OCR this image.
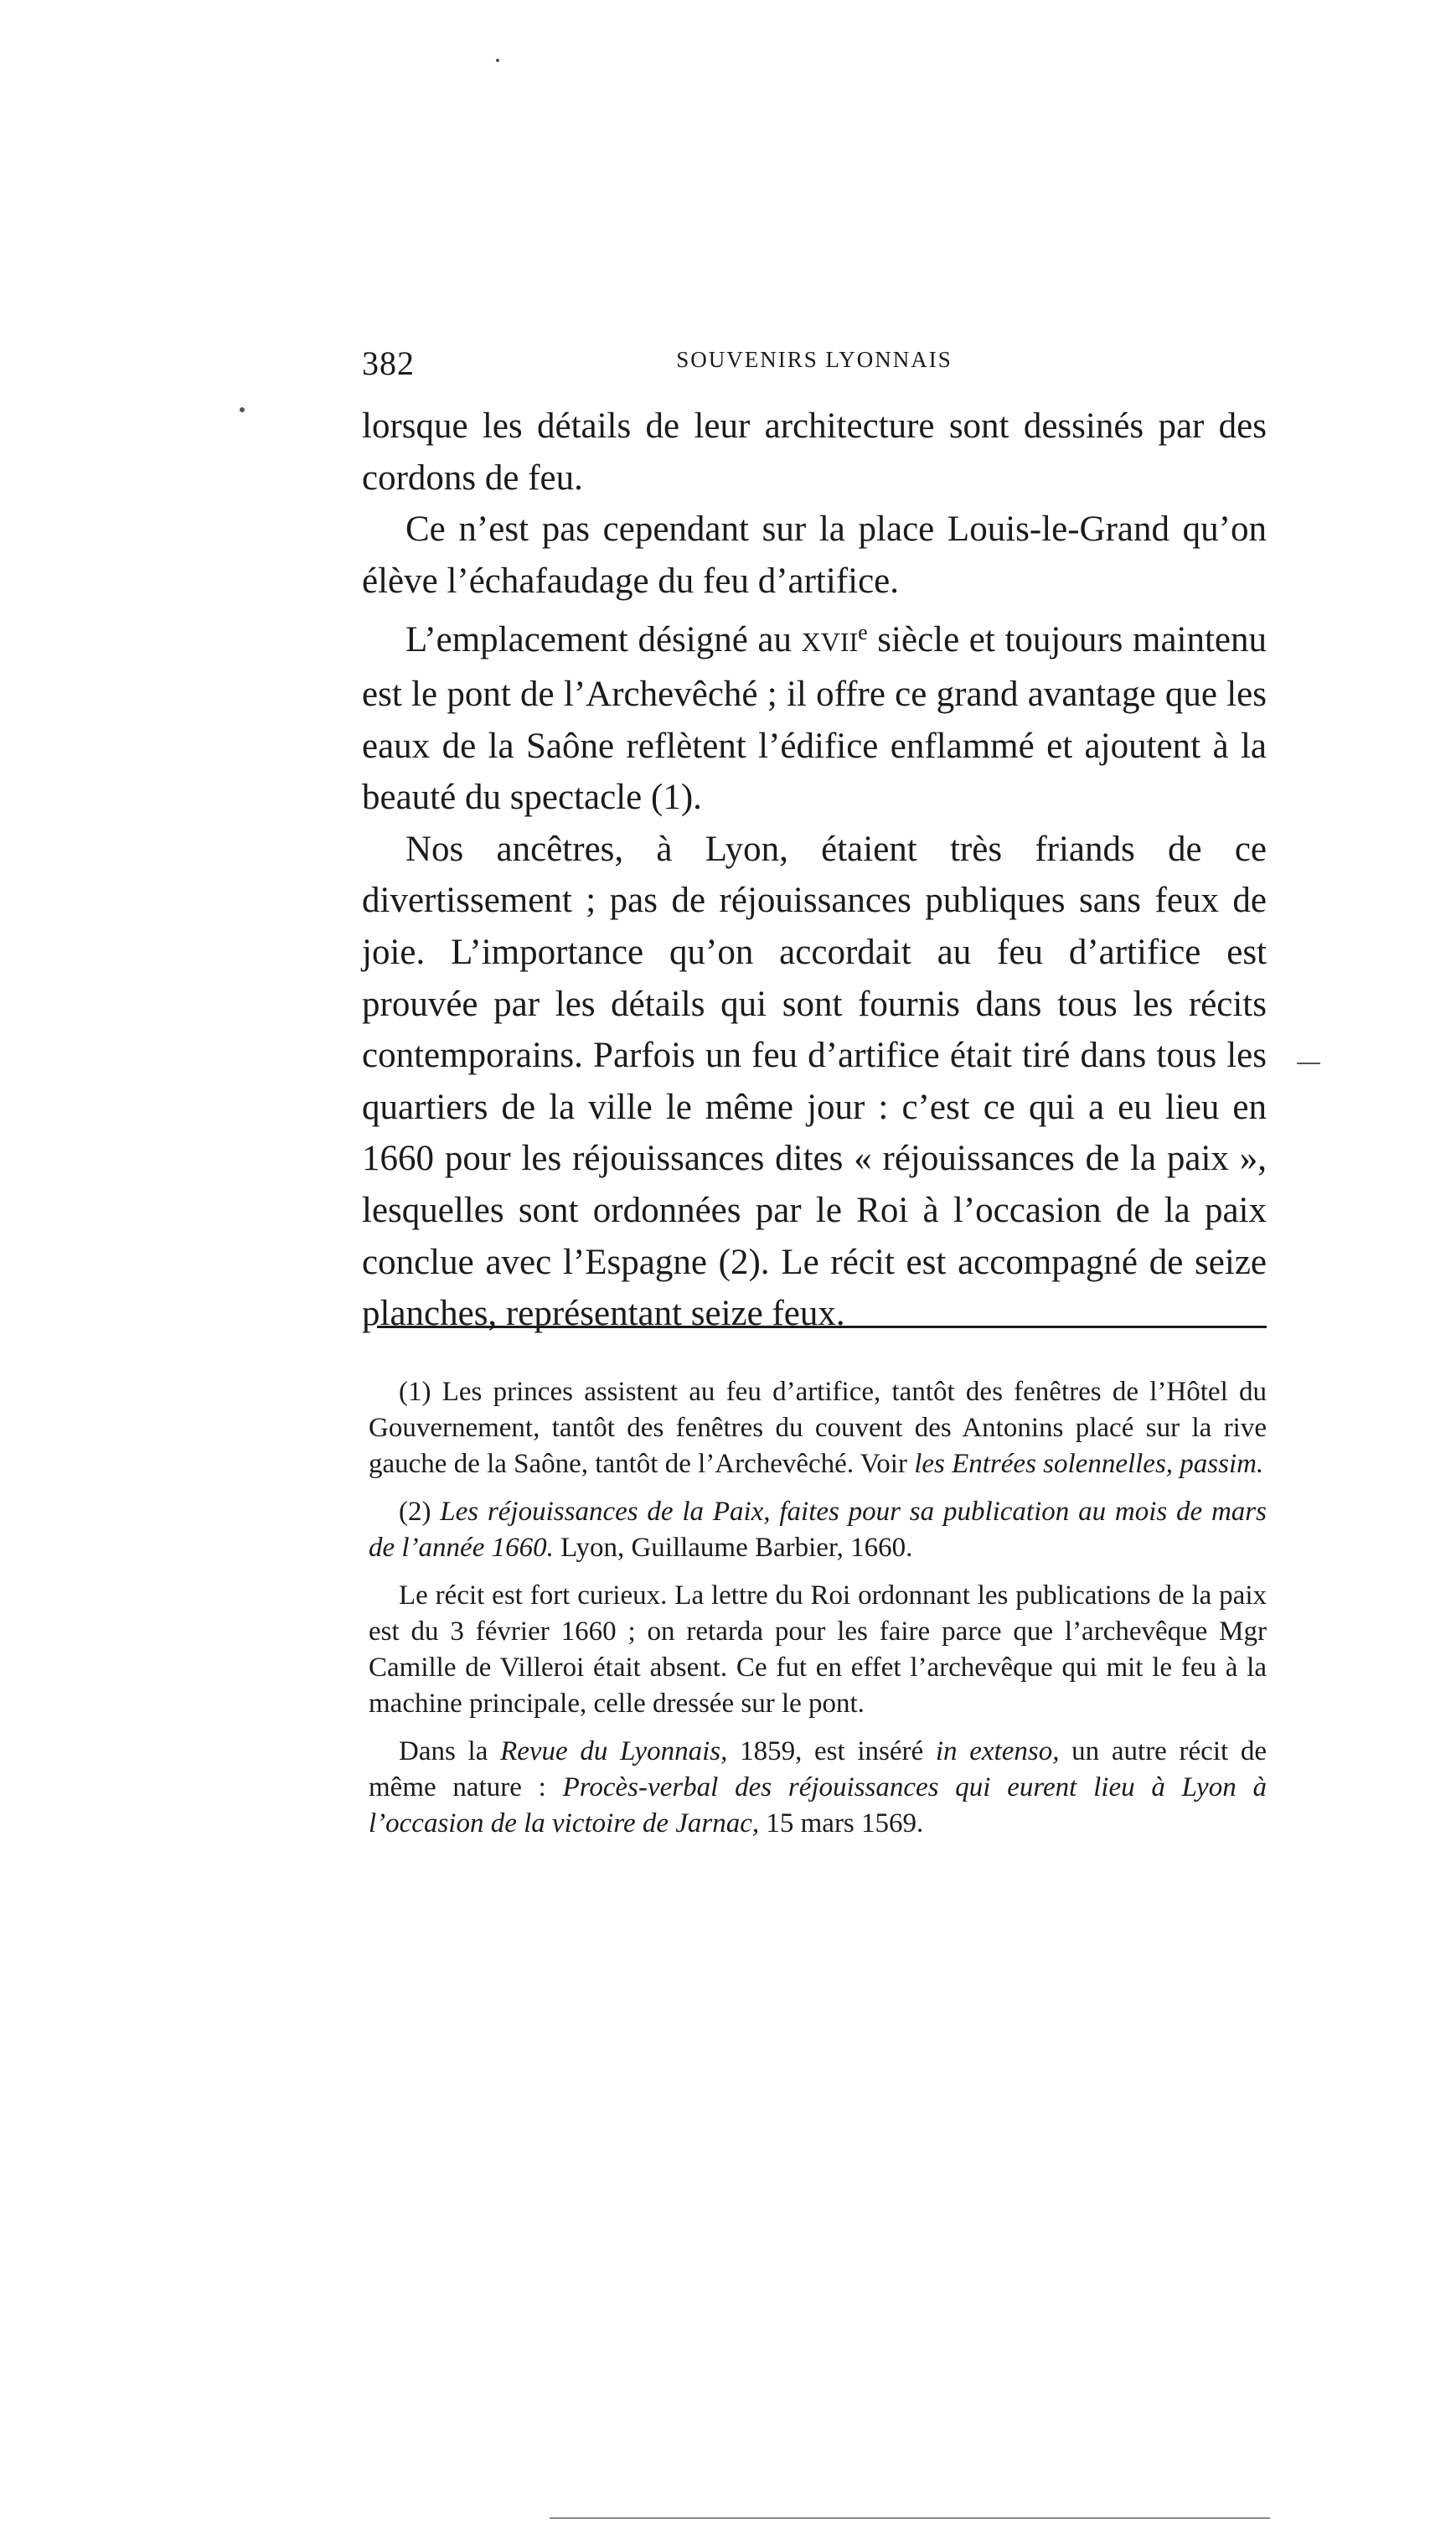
382	SOUVENIRS LYONNAIS

lorsque les détails de leur architecture sont dessinés par des cordons de feu.

Ce n’est pas cependant sur la place Louis-le-Grand qu’on élève l’échafaudage du feu d’artifice.

L’emplacement désigné au XVIIe siècle et toujours maintenu est le pont de l’Archevêché ; il offre ce grand avantage que les eaux de la Saône reflètent l’édifice enflammé et ajoutent à la beauté du spectacle (1).

Nos ancêtres, à Lyon, étaient très friands de ce divertissement ; pas de réjouissances publiques sans feux de joie. L’importance qu’on accordait au feu d’artifice est prouvée par les détails qui sont fournis dans tous les récits contemporains. Parfois un feu d’artifice était tiré dans tous les quartiers de la ville le même jour : c’est ce qui a eu lieu en 1660 pour les réjouissances dites « réjouissances de la paix », lesquelles sont ordonnées par le Roi à l’occasion de la paix conclue avec l’Espagne (2). Le récit est accompagné de seize planches, représentant seize feux.

(1) Les princes assistent au feu d’artifice, tantôt des fenêtres de l’Hôtel du Gouvernement, tantôt des fenêtres du couvent des Antonins placé sur la rive gauche de la Saône, tantôt de l’Archevêché. Voir les Entrées solennelles, passim.

(2) Les réjouissances de la Paix, faites pour sa publication au mois de mars de l’année 1660. Lyon, Guillaume Barbier, 1660.

Le récit est fort curieux. La lettre du Roi ordonnant les publications de la paix est du 3 février 1660 ; on retarda pour les faire parce que l’archevêque Mgr Camille de Villeroi était absent. Ce fut en effet l’archevêque qui mit le feu à la machine principale, celle dressée sur le pont.

Dans la Revue du Lyonnais, 1859, est inséré in extenso, un autre récit de même nature : Procès-verbal des réjouissances qui eurent lieu à Lyon à l’occasion de la victoire de Jarnac, 15 mars 1569.
